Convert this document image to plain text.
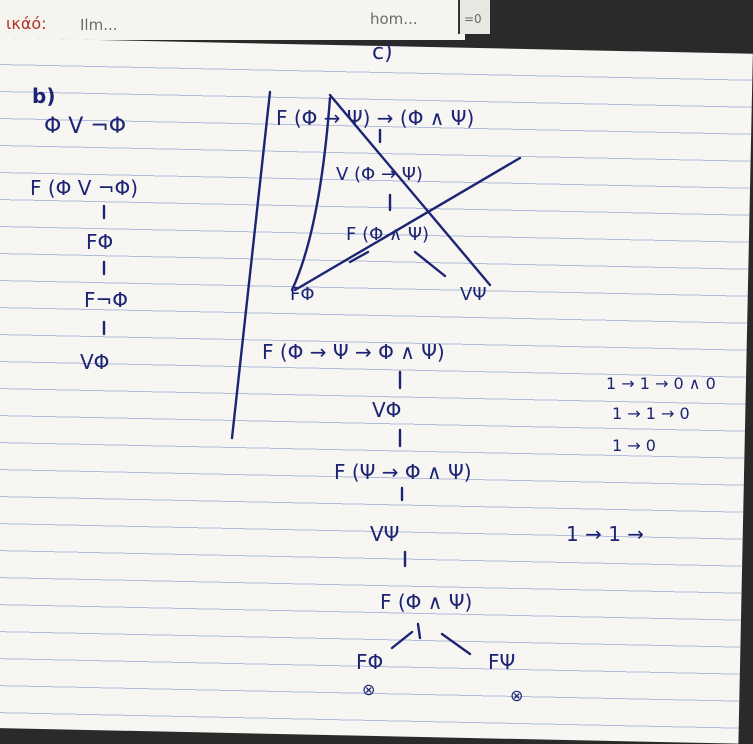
ικάό: Ilm...	hom...	=0
b)
Φ V ¬Φ
F (Φ V ¬Φ)
FΦ
F¬Φ
VΦ
c)
F (Φ → Ψ) → (Φ ∧ Ψ)
V (Φ → Ψ)
F (Φ ∧ Ψ)
FΦ	VΨ
F (Φ → Ψ → Φ ∧ Ψ)
VΦ
F (Ψ → Φ ∧ Ψ)
VΨ
F (Φ ∧ Ψ)
FΦ	FΨ
⊗	⊗
1 → 1 → 0 ∧ 0
1 → 1 → 0
1 → 0
1 → 1 →
